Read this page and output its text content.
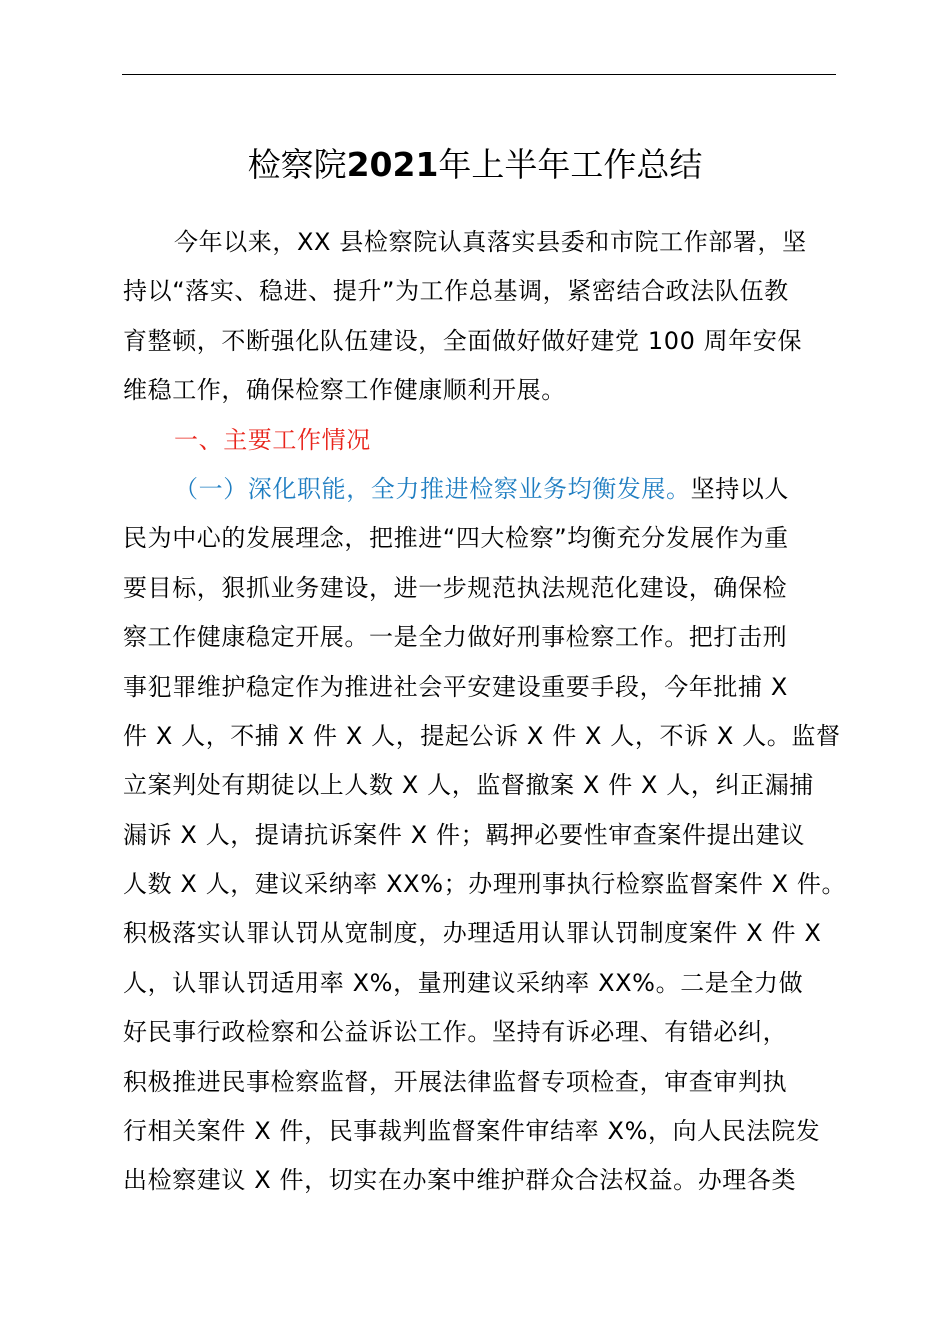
检察院2021年上半年工作总结
今年以来，XX 县检察院认真落实县委和市院工作部署，坚
持以“落实、稳进、提升”为工作总基调，紧密结合政法队伍教
育整顿，不断强化队伍建设，全面做好做好建党 100 周年安保
维稳工作，确保检察工作健康顺利开展。
一、主要工作情况
（一）深化职能，全力推进检察业务均衡发展。坚持以人
民为中心的发展理念，把推进“四大检察”均衡充分发展作为重
要目标，狠抓业务建设，进一步规范执法规范化建设，确保检
察工作健康稳定开展。一是全力做好刑事检察工作。把打击刑
事犯罪维护稳定作为推进社会平安建设重要手段，今年批捕 X
件 X 人，不捕 X 件 X 人，提起公诉 X 件 X 人，不诉 X 人。监督
立案判处有期徒以上人数 X 人，监督撤案 X 件 X 人，纠正漏捕
漏诉 X 人，提请抗诉案件 X 件；羁押必要性审查案件提出建议
人数 X 人，建议采纳率 XX%；办理刑事执行检察监督案件 X 件。
积极落实认罪认罚从宽制度，办理适用认罪认罚制度案件 X 件 X
人，认罪认罚适用率 X%，量刑建议采纳率 XX%。二是全力做
好民事行政检察和公益诉讼工作。坚持有诉必理、有错必纠，
积极推进民事检察监督，开展法律监督专项检查，审查审判执
行相关案件 X 件，民事裁判监督案件审结率 X%，向人民法院发
出检察建议 X 件，切实在办案中维护群众合法权益。办理各类
